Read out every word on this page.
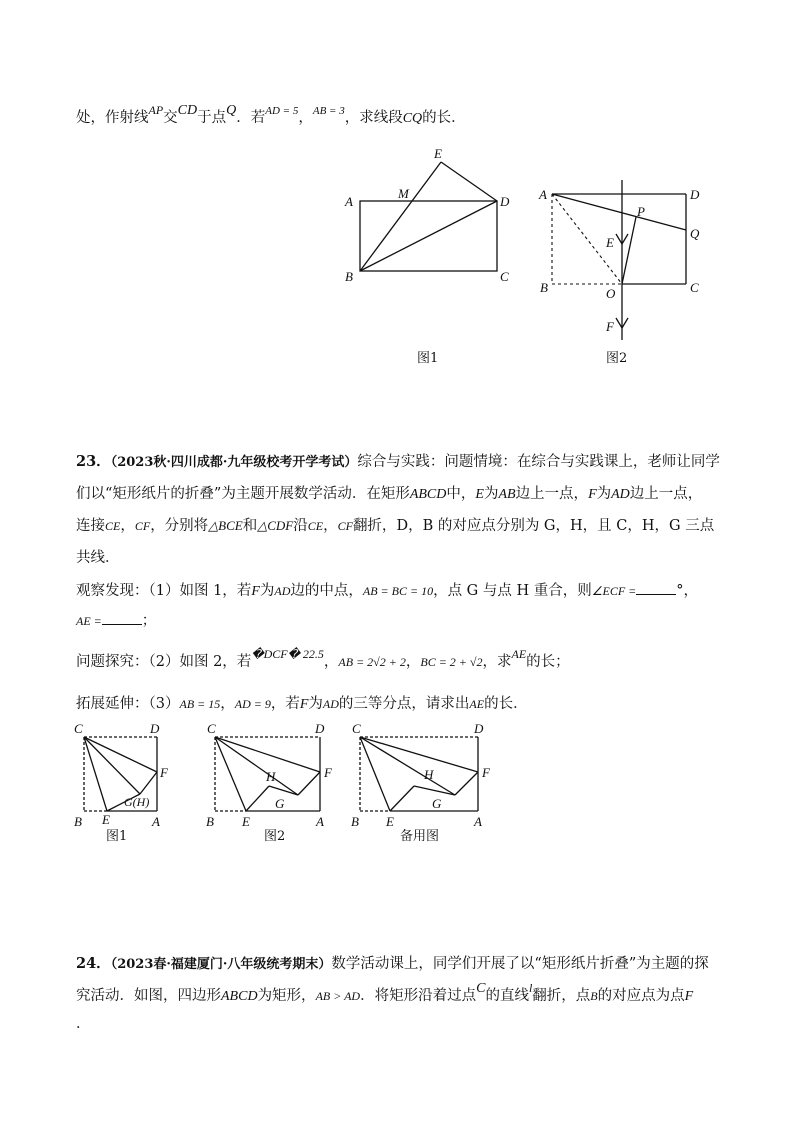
处，作射线$^{AP}$交CD于点Q．若$^{AD = 5}$，$^{AB = 3}$，求线段CQ的长．
A
B	C
D
E
M
图1
A	D
P
Q
E
B	O	C
F
图2
23．（2023秋·四川成都·九年级校考开学考试）综合与实践：问题情境：在综合与实践课上，老师让同学
们以“矩形纸片的折叠”为主题开展数学活动．在矩形ABCD中，E为AB边上一点，F为AD边上一点，
连接CE，CF，分别将△BCE和△CDF沿CE，CF翻折，D，B 的对应点分别为 G，H，且 C，H，G 三点
共线．
观察发现：（1）如图 1，若F为AD边的中点，AB = BC = 10，点 G 与点 H 重合，则∠ECF =	°，
AE =	；
问题探究：（2）如图 2，若$^{�DCF� 22.5}$，AB = 2√2 + 2，BC = 2 + √2，求$^{AE}$的长；
拓展延伸：（3）AB = 15，AD = 9，若F为AD的三等分点，请求出AE的长．
C	D
F
G(H)
B E	A
图1
C	D
H	F
G
B E	A
图2
C	D
H	F
G
B E	A
备用图
24．（2023春·福建厦门·八年级统考期末）数学活动课上，同学们开展了以“矩形纸片折叠”为主题的探
究活动．如图，四边形ABCD为矩形，AB > AD．将矩形沿着过点C的直线$^l$翻折，点B的对应点为点F
．
